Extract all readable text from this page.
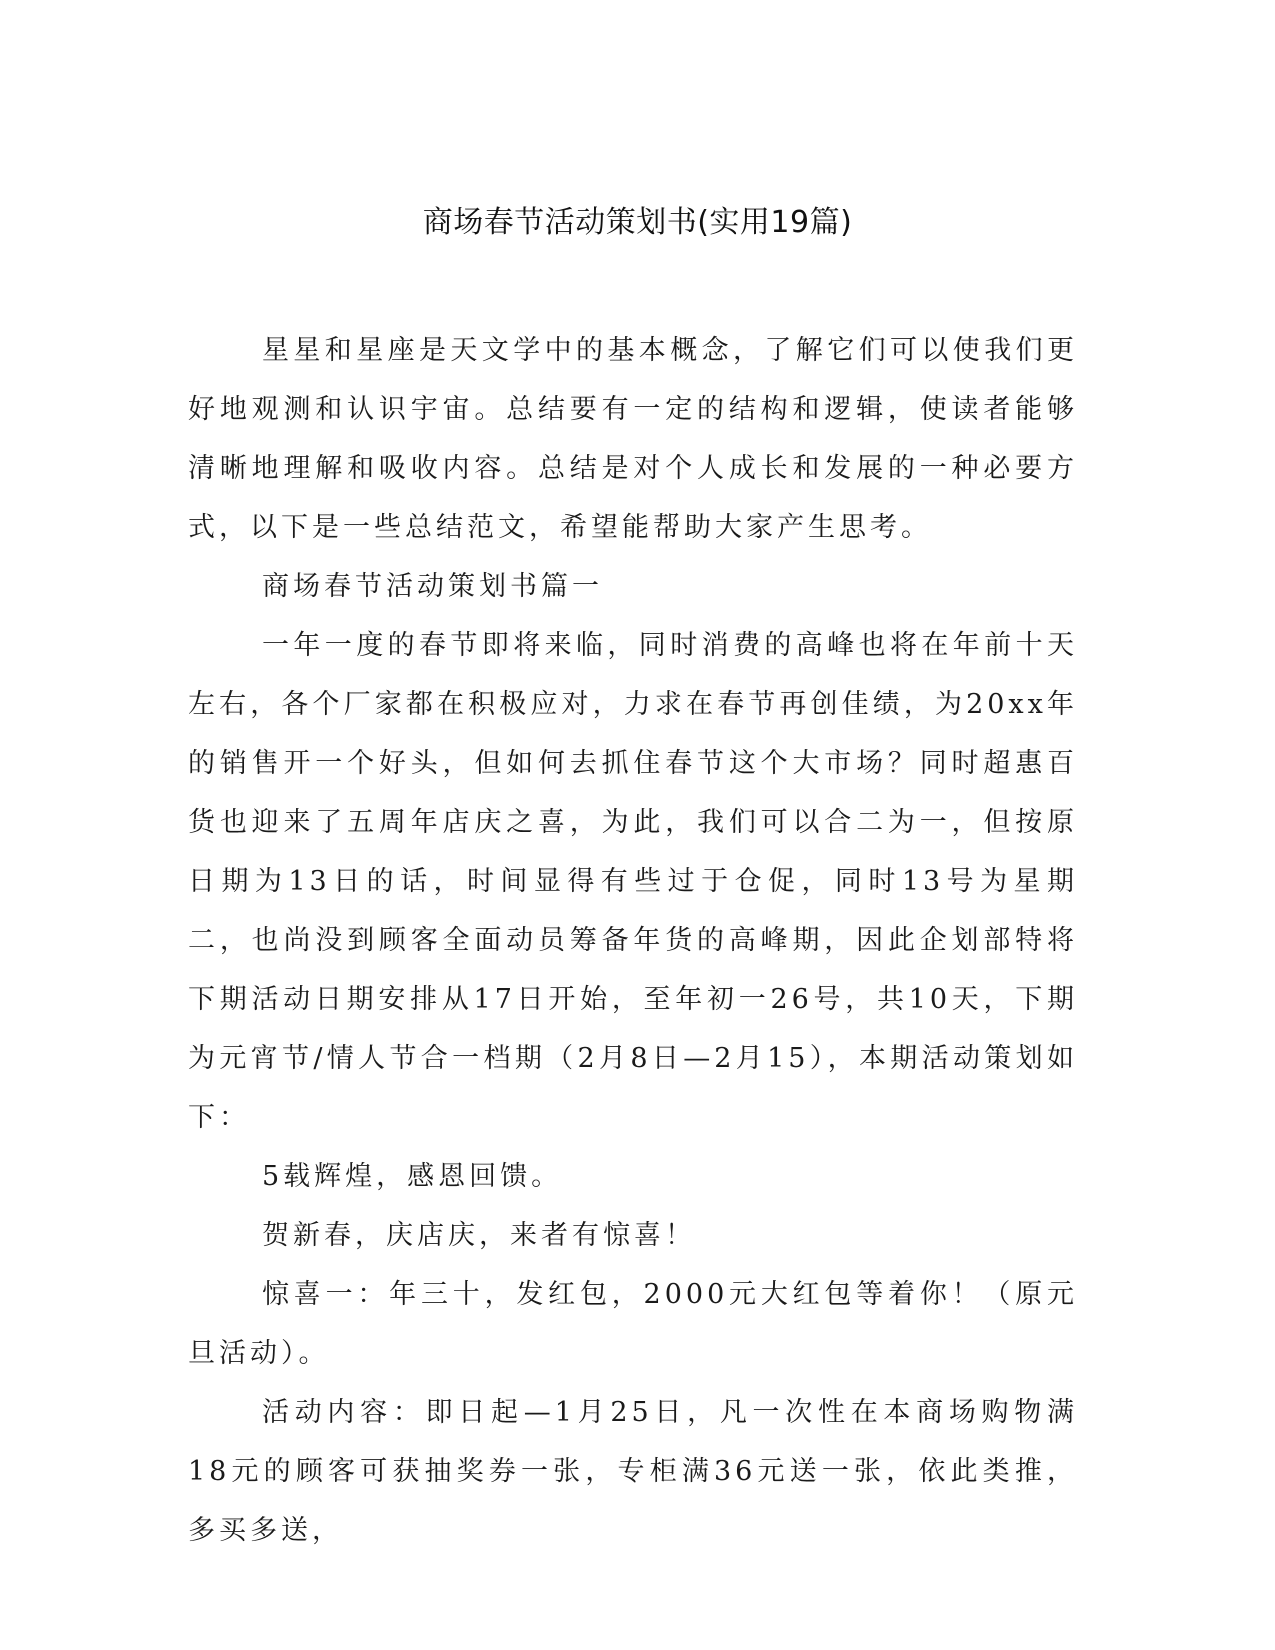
商场春节活动策划书(实用19篇)

星星和星座是天文学中的基本概念，了解它们可以使我们更好地观测和认识宇宙。总结要有一定的结构和逻辑，使读者能够清晰地理解和吸收内容。总结是对个人成长和发展的一种必要方式，以下是一些总结范文，希望能帮助大家产生思考。

商场春节活动策划书篇一

一年一度的春节即将来临，同时消费的高峰也将在年前十天左右，各个厂家都在积极应对，力求在春节再创佳绩，为20xx年的销售开一个好头，但如何去抓住春节这个大市场？同时超惠百货也迎来了五周年店庆之喜，为此，我们可以合二为一，但按原日期为13日的话，时间显得有些过于仓促，同时13号为星期二，也尚没到顾客全面动员筹备年货的高峰期，因此企划部特将下期活动日期安排从17日开始，至年初一26号，共10天，下期为元宵节/情人节合一档期（2月8日—2月15），本期活动策划如下：

5载辉煌，感恩回馈。

贺新春，庆店庆，来者有惊喜！

惊喜一：年三十，发红包，2000元大红包等着你！（原元旦活动）。

活动内容：即日起—1月25日，凡一次性在本商场购物满18元的顾客可获抽奖券一张，专柜满36元送一张，依此类推，多买多送，
